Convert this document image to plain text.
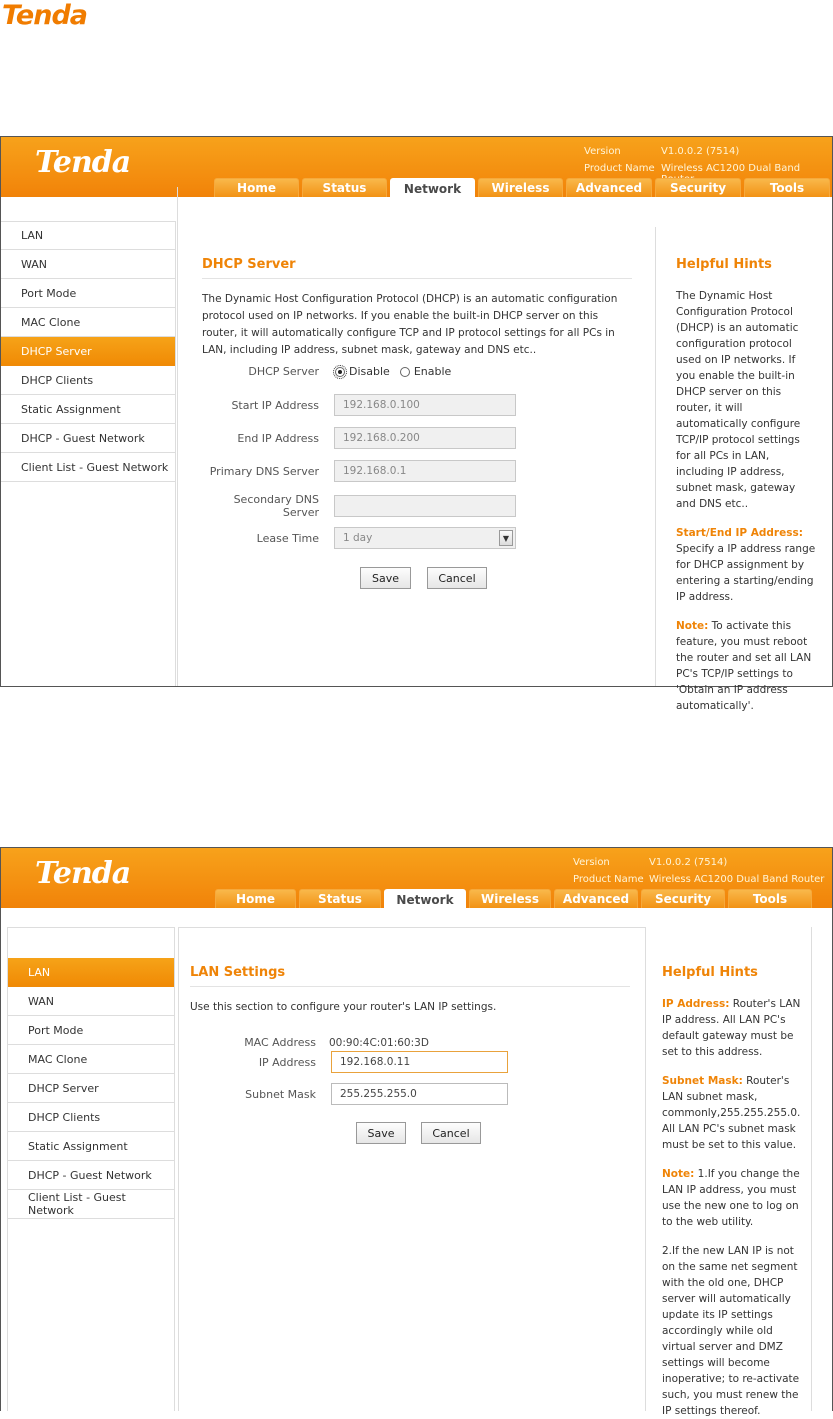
Tenda
Tenda	Version	V1.0.0.2 (7514)
Product Name Wireless AC1200 Dual Band
Home	Status	Network	Wireless	Advanced	Security	Tools
LAN
WAN
Port Mode
MAC Clone
DHCP Server
DHCP Clients
Static Assignment
DHCP - Guest Network
Client List - Guest Network
DHCP Server
The Dynamic Host Configuration Protocol (DHCP) is an automatic configuration protocol used on IP networks. If you enable the built-in DHCP server on this router, it will automatically configure TCP and IP protocol settings for all PCs in LAN, including IP address, subnet mask, gateway and DNS etc..
DHCP Server	Disable Enable
Start IP Address	192.168.0.100
End IP Address	192.168.0.200
Primary DNS Server	192.168.0.1
Secondary DNS Server
Lease Time 1 day	▼
Save	Cancel
Helpful Hints
The Dynamic Host Configuration Protocol (DHCP) is an automatic configuration protocol used on IP networks. If you enable the built-in DHCP server on this router, it will automatically configure TCP/IP protocol settings for all PCs in LAN, including IP address, subnet mask, gateway and DNS etc..
Start/End IP Address:
Specify a IP address range for DHCP assignment by entering a starting/ending IP address.
Note: To activate this feature, you must reboot the router and set all LAN PC's TCP/IP settings to 'Obtain an IP address automatically'.
Tenda	Version	V1.0.0.2 (7514)
Product Name Wireless AC1200 Dual Band Router
Home	Status	Network	Wireless	Advanced	Security	Tools
LAN
WAN
Port Mode
MAC Clone
DHCP Server
DHCP Clients
Static Assignment
DHCP - Guest Network
Client List - Guest Network
LAN Settings
Use this section to configure your router's LAN IP settings.
MAC Address 00:90:4C:01:60:3D
IP Address	192.168.0.11
Subnet Mask	255.255.255.0
Save	Cancel
Helpful Hints
IP Address: Router's LAN IP address. All LAN PC's default gateway must be set to this address.
Subnet Mask: Router's LAN subnet mask, commonly,255.255.255.0. All LAN PC's subnet mask must be set to this value.
Note: 1.If you change the LAN IP address, you must use the new one to log on to the web utility.
2.If the new LAN IP is not on the same net segment with the old one, DHCP server will automatically update its IP settings accordingly while old virtual server and DMZ settings will become inoperative; to re-activate such, you must renew the IP settings thereof.
